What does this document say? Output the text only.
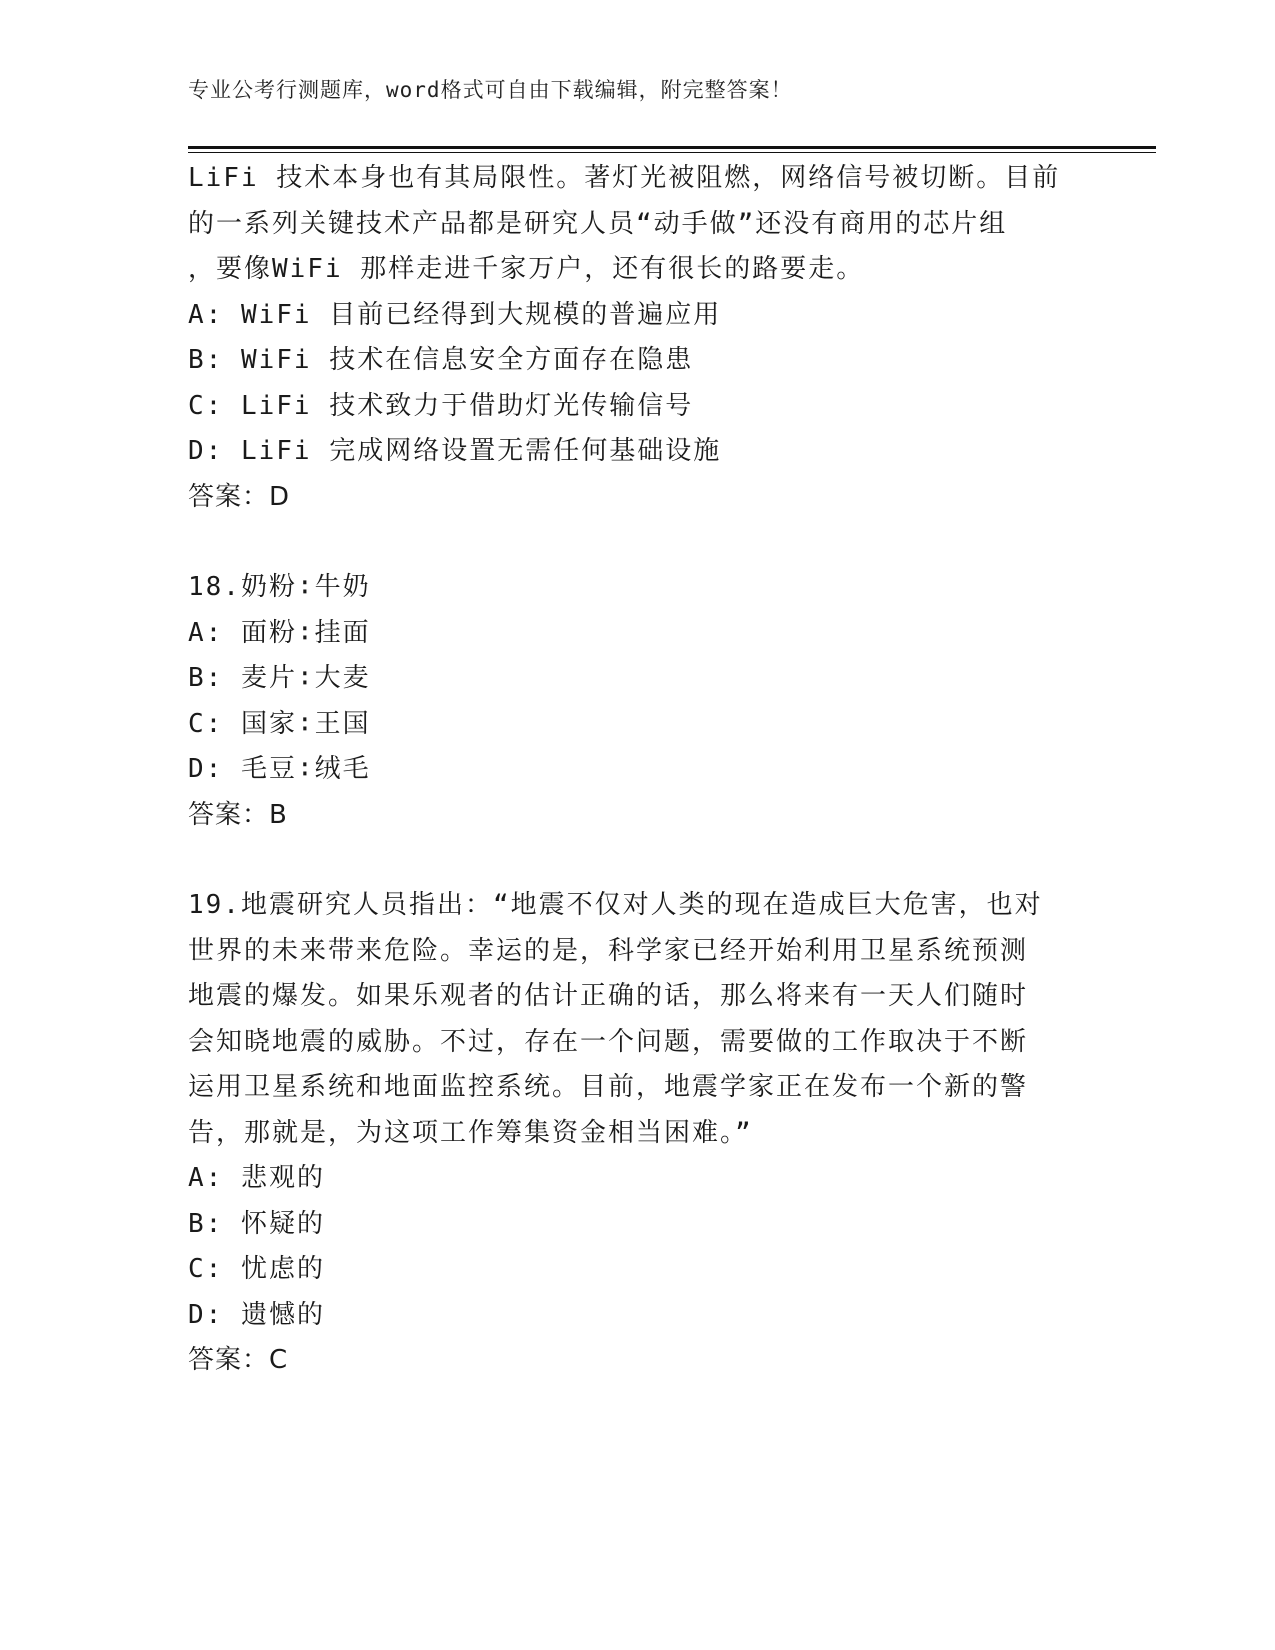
专业公考行测题库，word格式可自由下载编辑，附完整答案！
LiFi 技术本身也有其局限性。著灯光被阻燃，网络信号被切断。目前
的一系列关键技术产品都是研究人员“动手做”还没有商用的芯片组
，要像WiFi 那样走进千家万户，还有很长的路要走。
A: WiFi 目前已经得到大规模的普遍应用
B: WiFi 技术在信息安全方面存在隐患
C: LiFi 技术致力于借助灯光传输信号
D: LiFi 完成网络设置无需任何基础设施
答案：D
18.奶粉∶牛奶
A: 面粉∶挂面
B: 麦片∶大麦
C: 国家∶王国
D: 毛豆∶绒毛
答案：B
19.地震研究人员指出：“地震不仅对人类的现在造成巨大危害，也对
世界的未来带来危险。幸运的是，科学家已经开始利用卫星系统预测
地震的爆发。如果乐观者的估计正确的话，那么将来有一天人们随时
会知晓地震的威胁。不过，存在一个问题，需要做的工作取决于不断
运用卫星系统和地面监控系统。目前，地震学家正在发布一个新的警
告，那就是，为这项工作筹集资金相当困难。”
A: 悲观的
B: 怀疑的
C: 忧虑的
D: 遗憾的
答案：C
